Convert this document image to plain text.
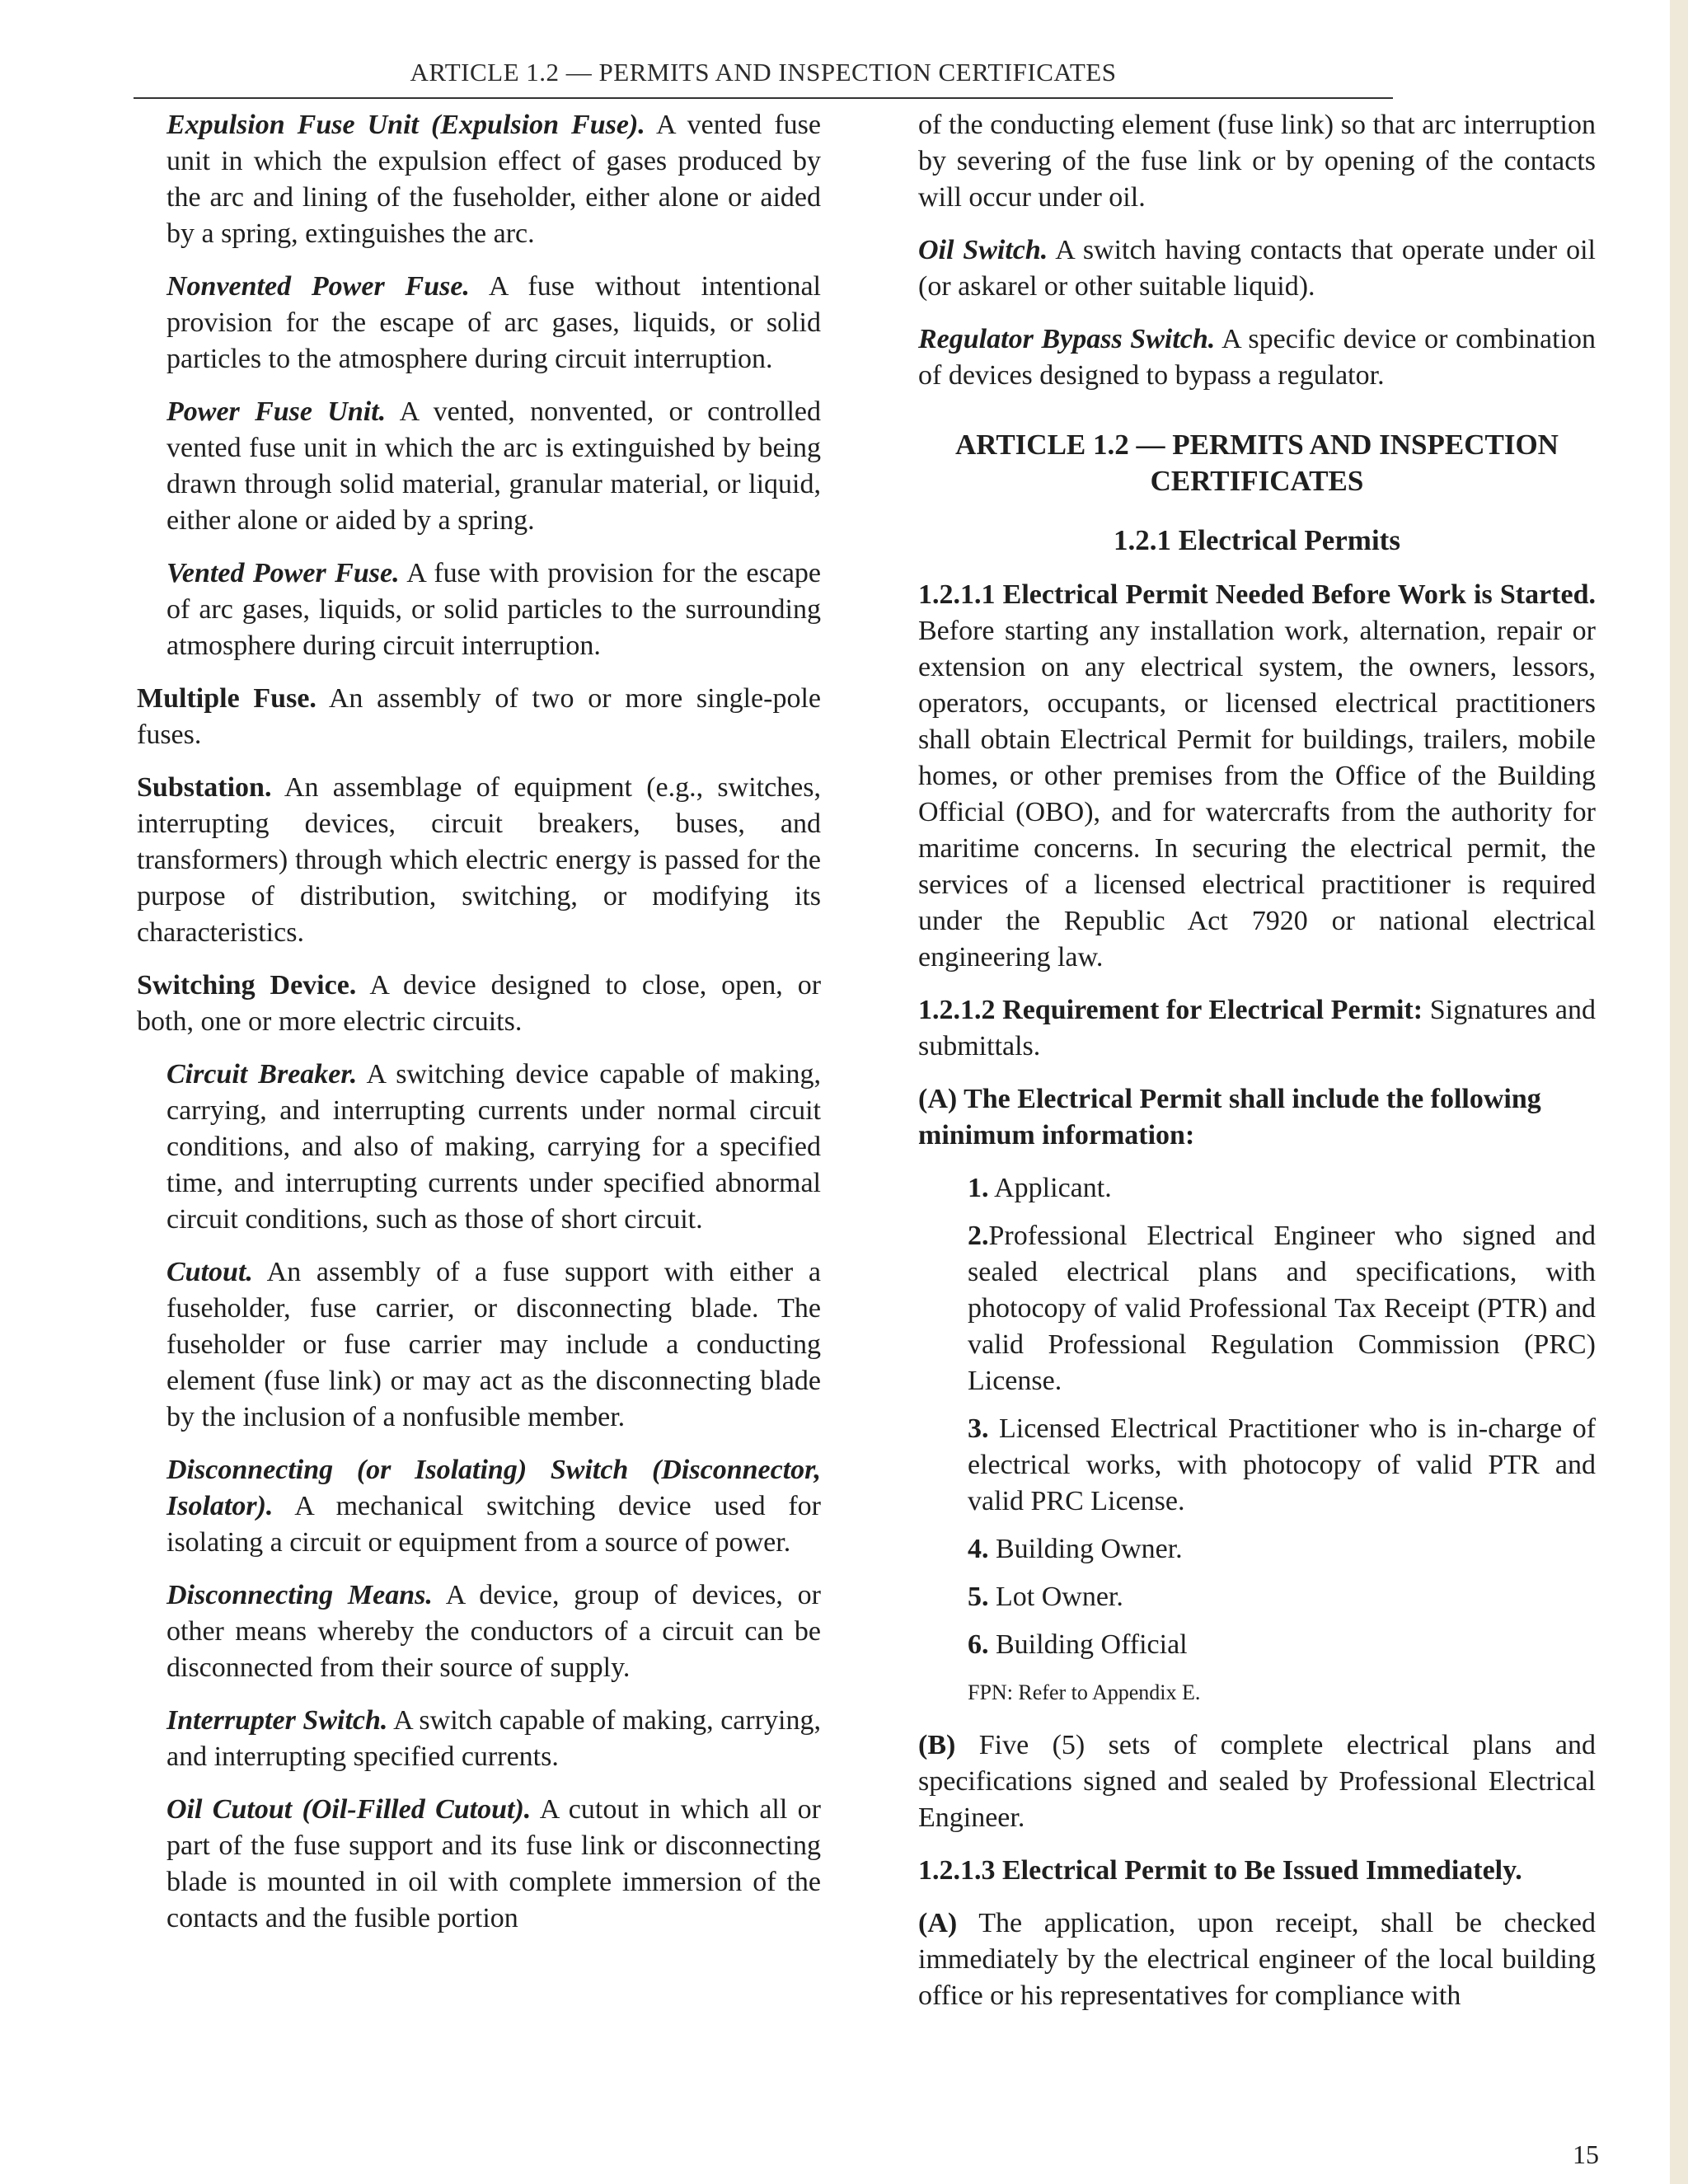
ARTICLE 1.2 — PERMITS AND INSPECTION CERTIFICATES

Expulsion Fuse Unit (Expulsion Fuse). A vented fuse unit in which the expulsion effect of gases produced by the arc and lining of the fuseholder, either alone or aided by a spring, extinguishes the arc.

Nonvented Power Fuse. A fuse without intentional provision for the escape of arc gases, liquids, or solid particles to the atmosphere during circuit interruption.

Power Fuse Unit. A vented, nonvented, or controlled vented fuse unit in which the arc is extinguished by being drawn through solid material, granular material, or liquid, either alone or aided by a spring.

Vented Power Fuse. A fuse with provision for the escape of arc gases, liquids, or solid particles to the surrounding atmosphere during circuit interruption.

Multiple Fuse. An assembly of two or more single-pole fuses.

Substation. An assemblage of equipment (e.g., switches, interrupting devices, circuit breakers, buses, and transformers) through which electric energy is passed for the purpose of distribution, switching, or modifying its characteristics.

Switching Device. A device designed to close, open, or both, one or more electric circuits.

Circuit Breaker. A switching device capable of making, carrying, and interrupting currents under normal circuit conditions, and also of making, carrying for a specified time, and interrupting currents under specified abnormal circuit conditions, such as those of short circuit.

Cutout. An assembly of a fuse support with either a fuseholder, fuse carrier, or disconnecting blade. The fuseholder or fuse carrier may include a conducting element (fuse link) or may act as the disconnecting blade by the inclusion of a nonfusible member.

Disconnecting (or Isolating) Switch (Disconnector, Isolator). A mechanical switching device used for isolating a circuit or equipment from a source of power.

Disconnecting Means. A device, group of devices, or other means whereby the conductors of a circuit can be disconnected from their source of supply.

Interrupter Switch. A switch capable of making, carrying, and interrupting specified currents.

Oil Cutout (Oil-Filled Cutout). A cutout in which all or part of the fuse support and its fuse link or disconnecting blade is mounted in oil with complete immersion of the contacts and the fusible portion

of the conducting element (fuse link) so that arc interruption by severing of the fuse link or by opening of the contacts will occur under oil.

Oil Switch. A switch having contacts that operate under oil (or askarel or other suitable liquid).

Regulator Bypass Switch. A specific device or combination of devices designed to bypass a regulator.

ARTICLE 1.2 — PERMITS AND INSPECTION CERTIFICATES
1.2.1 Electrical Permits

1.2.1.1 Electrical Permit Needed Before Work is Started. Before starting any installation work, alternation, repair or extension on any electrical system, the owners, lessors, operators, occupants, or licensed electrical practitioners shall obtain Electrical Permit for buildings, trailers, mobile homes, or other premises from the Office of the Building Official (OBO), and for watercrafts from the authority for maritime concerns. In securing the electrical permit, the services of a licensed electrical practitioner is required under the Republic Act 7920 or national electrical engineering law.

1.2.1.2 Requirement for Electrical Permit: Signatures and submittals.

(A) The Electrical Permit shall include the following minimum information:

1. Applicant.

2.Professional Electrical Engineer who signed and sealed electrical plans and specifications, with photocopy of valid Professional Tax Receipt (PTR) and valid Professional Regulation Commission (PRC) License.

3. Licensed Electrical Practitioner who is in-charge of electrical works, with photocopy of valid PTR and valid PRC License.

4. Building Owner.

5. Lot Owner.

6. Building Official

FPN: Refer to Appendix E.

(B) Five (5) sets of complete electrical plans and specifications signed and sealed by Professional Electrical Engineer.

1.2.1.3 Electrical Permit to Be Issued Immediately.

(A) The application, upon receipt, shall be checked immediately by the electrical engineer of the local building office or his representatives for compliance with

15
